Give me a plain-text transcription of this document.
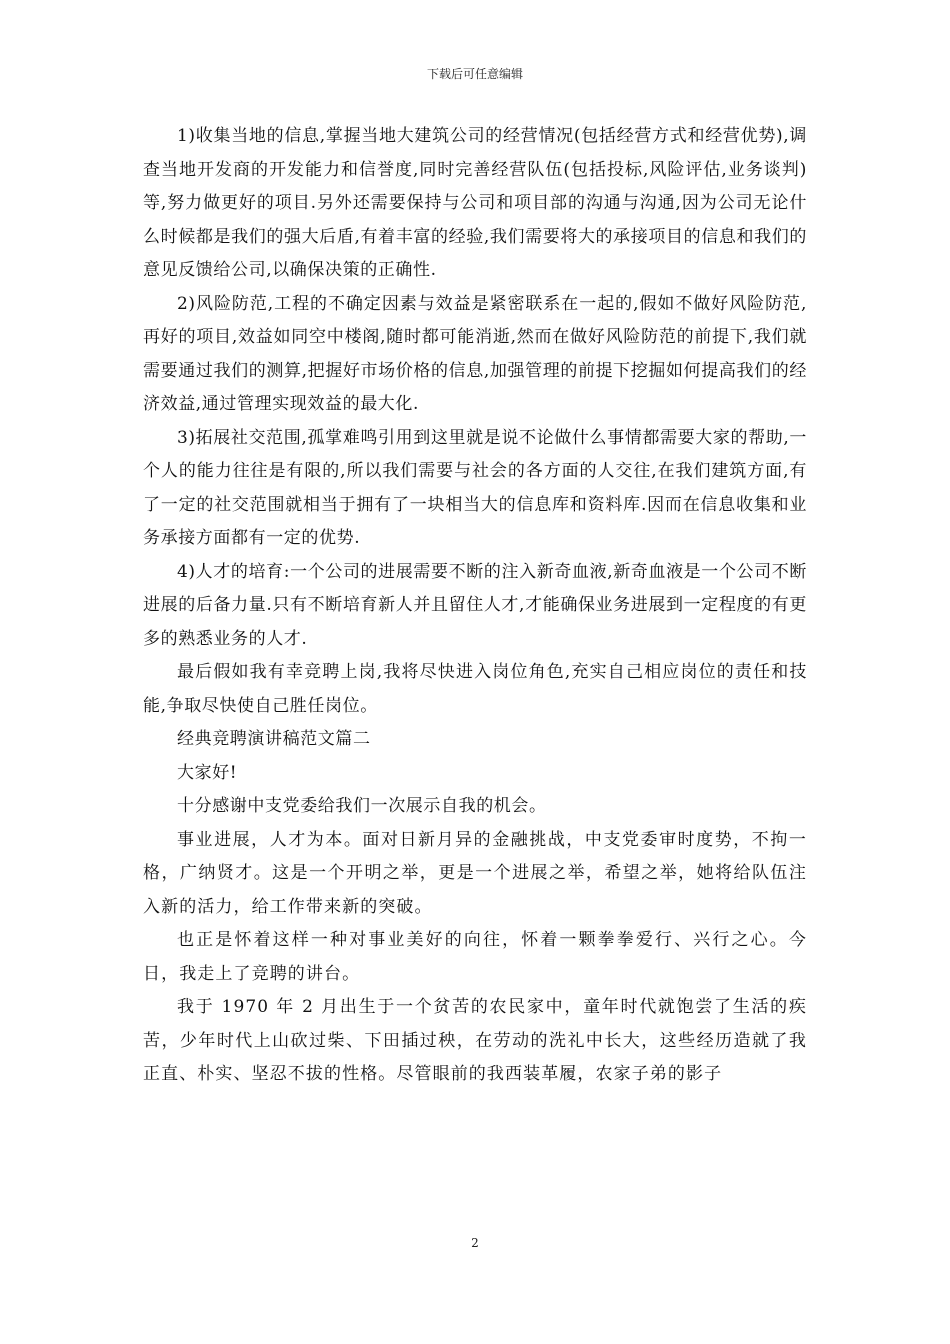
下载后可任意编辑

1)收集当地的信息,掌握当地大建筑公司的经营情况(包括经营方式和经营优势),调查当地开发商的开发能力和信誉度,同时完善经营队伍(包括投标,风险评估,业务谈判)等,努力做更好的项目.另外还需要保持与公司和项目部的沟通与沟通,因为公司无论什么时候都是我们的强大后盾,有着丰富的经验,我们需要将大的承接项目的信息和我们的意见反馈给公司,以确保决策的正确性.

2)风险防范,工程的不确定因素与效益是紧密联系在一起的,假如不做好风险防范,再好的项目,效益如同空中楼阁,随时都可能消逝,然而在做好风险防范的前提下,我们就需要通过我们的测算,把握好市场价格的信息,加强管理的前提下挖掘如何提高我们的经济效益,通过管理实现效益的最大化.

3)拓展社交范围,孤掌难鸣引用到这里就是说不论做什么事情都需要大家的帮助,一个人的能力往往是有限的,所以我们需要与社会的各方面的人交往,在我们建筑方面,有了一定的社交范围就相当于拥有了一块相当大的信息库和资料库.因而在信息收集和业务承接方面都有一定的优势.

4)人才的培育:一个公司的进展需要不断的注入新奇血液,新奇血液是一个公司不断进展的后备力量.只有不断培育新人并且留住人才,才能确保业务进展到一定程度的有更多的熟悉业务的人才.

最后假如我有幸竞聘上岗,我将尽快进入岗位角色,充实自己相应岗位的责任和技能,争取尽快使自己胜任岗位。

经典竞聘演讲稿范文篇二

大家好!

十分感谢中支党委给我们一次展示自我的机会。

事业进展，人才为本。面对日新月异的金融挑战，中支党委审时度势，不拘一格，广纳贤才。这是一个开明之举，更是一个进展之举，希望之举，她将给队伍注入新的活力，给工作带来新的突破。

也正是怀着这样一种对事业美好的向往，怀着一颗拳拳爱行、兴行之心。今日，我走上了竞聘的讲台。

我于 1970 年 2 月出生于一个贫苦的农民家中，童年时代就饱尝了生活的疾苦，少年时代上山砍过柴、下田插过秧，在劳动的洗礼中长大，这些经历造就了我正直、朴实、坚忍不拔的性格。尽管眼前的我西装革履，农家子弟的影子

2
